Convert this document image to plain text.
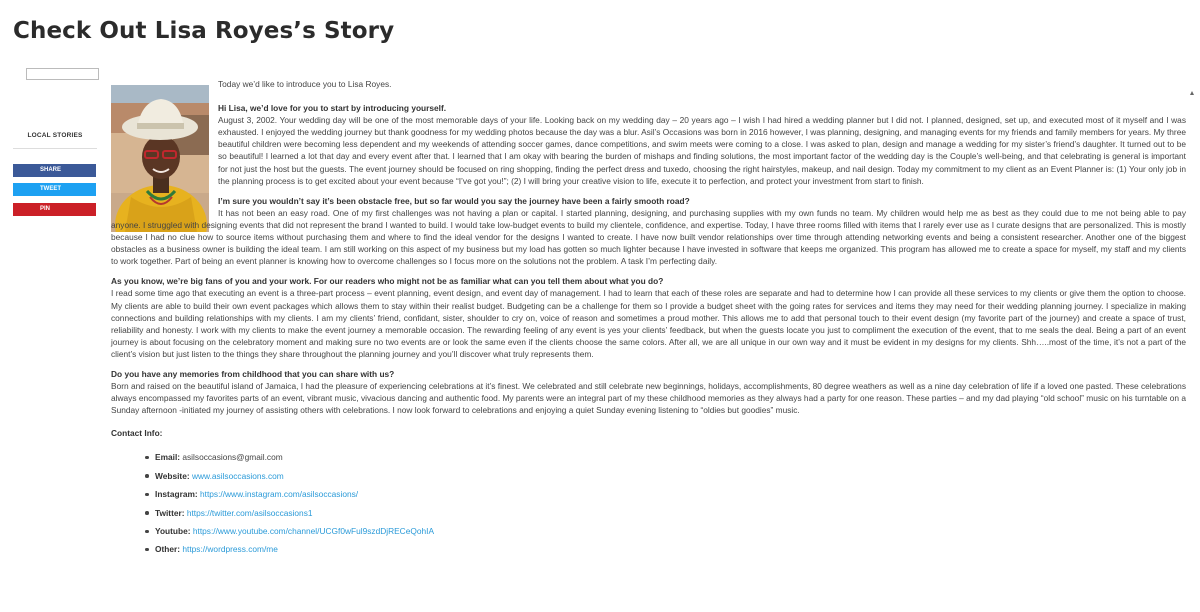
Check Out Lisa Royes’s Story
LOCAL STORIES
SHARE
TWEET
PIN

Today we’d like to introduce you to Lisa Royes.

Hi Lisa, we’d love for you to start by introducing yourself.

August 3, 2002. Your wedding day will be one of the most memorable days of your life. Looking back on my wedding day – 20 years ago – I wish I had hired a wedding planner but I did not. I planned, designed, set up, and executed most of it myself and I was exhausted. I enjoyed the wedding journey but thank goodness for my wedding photos because the day was a blur. Asil’s Occasions was born in 2016 however, I was planning, designing, and managing events for my friends and family members for years. My three beautiful children were becoming less dependent and my weekends of attending soccer games, dance competitions, and swim meets were coming to a close. I was asked to plan, design and manage a wedding for my sister’s friend’s daughter. It turned out to be so beautiful! I learned a lot that day and every event after that. I learned that I am okay with bearing the burden of mishaps and finding solutions, the most important factor of the wedding day is the Couple’s well-being, and that celebrating is general is important for not just the host but the guests. The event journey should be focused on ring shopping, finding the perfect dress and tuxedo, choosing the right hairstyles, makeup, and nail design. Today my commitment to my client as an Event Planner is: (1) Your only job in the planning process is to get excited about your event because “I’ve got you!”; (2) I will bring your creative vision to life, execute it to perfection, and protect your investment from start to finish.

I’m sure you wouldn’t say it’s been obstacle free, but so far would you say the journey have been a fairly smooth road?

It has not been an easy road. One of my first challenges was not having a plan or capital. I started planning, designing, and purchasing supplies with my own funds no team. My children would help me as best as they could due to me not being able to pay anyone. I struggled with designing events that did not represent the brand I wanted to build. I would take low-budget events to build my clientele, confidence, and expertise. Today, I have three rooms filled with items that I rarely ever use as I curate designs that are personalized. This is mostly because I had no clue how to source items without purchasing them and where to find the ideal vendor for the designs I wanted to create. I have now built vendor relationships over time through attending networking events and being a consistent researcher. Another one of the biggest obstacles as a business owner is building the ideal team. I am still working on this aspect of my business but my load has gotten so much lighter because I have invested in software that keeps me organized. This program has allowed me to create a space for myself, my staff and my clients to work together. Part of being an event planner is knowing how to overcome challenges so I focus more on the solutions not the problem. A task I’m perfecting daily.

As you know, we’re big fans of you and your work. For our readers who might not be as familiar what can you tell them about what you do?

I read some time ago that executing an event is a three-part process – event planning, event design, and event day of management. I had to learn that each of these roles are separate and had to determine how I can provide all these services to my clients or give them the option to choose. My clients are able to build their own event packages which allows them to stay within their realist budget. Budgeting can be a challenge for them so I provide a budget sheet with the going rates for services and items they may need for their wedding planning journey. I specialize in making connections and building relationships with my clients. I am my clients’ friend, confidant, sister, shoulder to cry on, voice of reason and sometimes a proud mother. This allows me to add that personal touch to their event design (my favorite part of the journey) and create a space of trust, reliability and honesty. I work with my clients to make the event journey a memorable occasion. The rewarding feeling of any event is yes your clients’ feedback, but when the guests locate you just to compliment the execution of the event, that to me seals the deal. Being a part of an event journey is about focusing on the celebratory moment and making sure no two events are or look the same even if the clients choose the same colors. After all, we are all unique in our own way and it must be evident in my designs for my clients. Shh…..most of the time, it’s not a part of the client’s vision but just listen to the things they share throughout the planning journey and you’ll discover what truly represents them.

Do you have any memories from childhood that you can share with us?

Born and raised on the beautiful island of Jamaica, I had the pleasure of experiencing celebrations at it’s finest. We celebrated and still celebrate new beginnings, holidays, accomplishments, 80 degree weathers as well as a nine day celebration of life if a loved one pasted. These celebrations always encompassed my favorites parts of an event, vibrant music, vivacious dancing and authentic food. My parents were an integral part of my these childhood memories as they always had a party for one reason. These parties – and my dad playing “old school” music on his turntable on a Sunday afternoon -initiated my journey of assisting others with celebrations. I now look forward to celebrations and enjoying a quiet Sunday evening listening to “oldies but goodies” music.

Contact Info:

Email: asilsoccasions@gmail.com
Website: www.asilsoccasions.com
Instagram: https://www.instagram.com/asilsoccasions/
Twitter: https://twitter.com/asilsoccasions1
Youtube: https://www.youtube.com/channel/UCGf0wFul9szdDjRECeQohIA
Other: https://wordpress.com/me
